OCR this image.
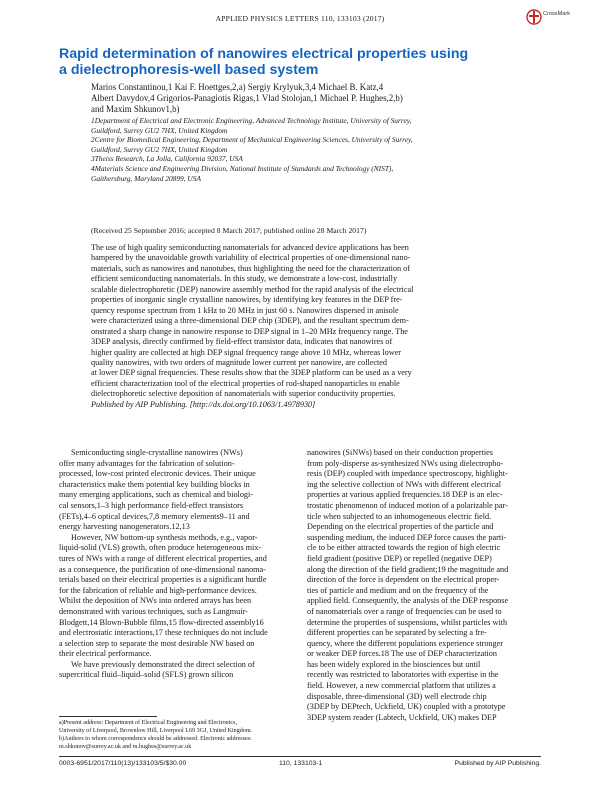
APPLIED PHYSICS LETTERS 110, 133103 (2017)	CrossMark
Rapid determination of nanowires electrical properties using
a dielectrophoresis-well based system
Marios Constantinou,1 Kai F. Hoettges,2,a) Sergiy Krylyuk,3,4 Michael B. Katz,4
Albert Davydov,4 Grigorios-Panagiotis Rigas,1 Vlad Stolojan,1 Michael P. Hughes,2,b)
and Maxim Shkunov1,b)
1Department of Electrical and Electronic Engineering, Advanced Technology Institute, University of Surrey,
Guildford, Surrey GU2 7HX, United Kingdom
2Centre for Biomedical Engineering, Department of Mechanical Engineering Sciences, University of Surrey,
Guildford, Surrey GU2 7HX, United Kingdom
3Theiss Research, La Jolla, California 92037, USA
4Materials Science and Engineering Division, National Institute of Standards and Technology (NIST),
Gaithersburg, Maryland 20899, USA
(Received 25 September 2016; accepted 8 March 2017; published online 28 March 2017)
The use of high quality semiconducting nanomaterials for advanced device applications has been
hampered by the unavoidable growth variability of electrical properties of one-dimensional nano-
materials, such as nanowires and nanotubes, thus highlighting the need for the characterization of
efficient semiconducting nanomaterials. In this study, we demonstrate a low-cost, industrially
scalable dielectrophoretic (DEP) nanowire assembly method for the rapid analysis of the electrical
properties of inorganic single crystalline nanowires, by identifying key features in the DEP fre-
quency response spectrum from 1 kHz to 20 MHz in just 60 s. Nanowires dispersed in anisole
were characterized using a three-dimensional DEP chip (3DEP), and the resultant spectrum dem-
onstrated a sharp change in nanowire response to DEP signal in 1–20 MHz frequency range. The
3DEP analysis, directly confirmed by field-effect transistor data, indicates that nanowires of
higher quality are collected at high DEP signal frequency range above 10 MHz, whereas lower
quality nanowires, with two orders of magnitude lower current per nanowire, are collected
at lower DEP signal frequencies. These results show that the 3DEP platform can be used as a very
efficient characterization tool of the electrical properties of rod-shaped nanoparticles to enable
dielectrophoretic selective deposition of nanomaterials with superior conductivity properties.
Published by AIP Publishing. [http://dx.doi.org/10.1063/1.4978930]
Semiconducting single-crystalline nanowires (NWs)
offer many advantages for the fabrication of solution-
processed, low-cost printed electronic devices. Their unique
characteristics make them potential key building blocks in
many emerging applications, such as chemical and biologi-
cal sensors,1–3 high performance field-effect transistors
(FETs),4–6 optical devices,7,8 memory elements9–11 and
energy harvesting nanogenerators.12,13
However, NW bottom-up synthesis methods, e.g., vapor-
liquid-solid (VLS) growth, often produce heterogeneous mix-
tures of NWs with a range of different electrical properties, and
as a consequence, the purification of one-dimensional nanoma-
terials based on their electrical properties is a significant hurdle
for the fabrication of reliable and high-performance devices.
Whilst the deposition of NWs into ordered arrays has been
demonstrated with various techniques, such as Langmuir-
Blodgett,14 Blown-Bubble films,15 flow-directed assembly16
and electrostatic interactions,17 these techniques do not include
a selection step to separate the most desirable NW based on
their electrical performance.
We have previously demonstrated the direct selection of
supercritical fluid–liquid–solid (SFLS) grown silicon
nanowires (SiNWs) based on their conduction properties
from poly-disperse as-synthesized NWs using dielectropho-
resis (DEP) coupled with impedance spectroscopy, highlight-
ing the selective collection of NWs with different electrical
properties at various applied frequencies.18 DEP is an elec-
trostatic phenomenon of induced motion of a polarizable par-
ticle when subjected to an inhomogeneous electric field.
Depending on the electrical properties of the particle and
suspending medium, the induced DEP force causes the parti-
cle to be either attracted towards the region of high electric
field gradient (positive DEP) or repelled (negative DEP)
along the direction of the field gradient;19 the magnitude and
direction of the force is dependent on the electrical proper-
ties of particle and medium and on the frequency of the
applied field. Consequently, the analysis of the DEP response
of nanomaterials over a range of frequencies can be used to
determine the properties of suspensions, whilst particles with
different properties can be separated by selecting a fre-
quency, where the different populations experience stronger
or weaker DEP forces.18 The use of DEP characterization
has been widely explored in the biosciences but until
recently was restricted to laboratories with expertise in the
field. However, a new commercial platform that utilizes a
disposable, three-dimensional (3D) well electrode chip
(3DEP by DEPtech, Uckfield, UK) coupled with a prototype
3DEP system reader (Labtech, Uckfield, UK) makes DEP
a)Present address: Department of Electrical Engineering and Electronics,
University of Liverpool, Brownlow Hill, Liverpool L69 3GJ, United Kingdom.
b)Authors to whom correspondence should be addressed. Electronic addresses:
m.shkunov@surrey.ac.uk and m.hughes@surrey.ac.uk
0003-6951/2017/110(13)/133103/5/$30.00	110, 133103-1	Published by AIP Publishing.
